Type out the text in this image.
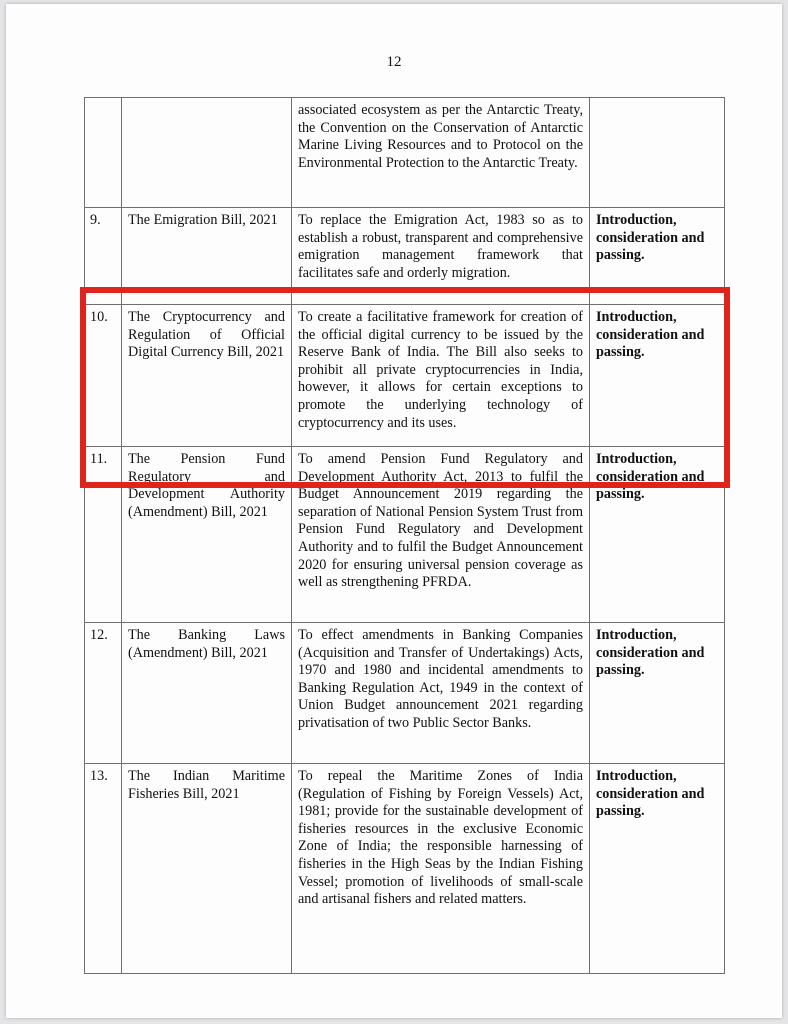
12
		associated ecosystem as per the Antarctic Treaty, the Convention on the Conservation of Antarctic Marine Living Resources and to Protocol on the Environmental Protection to the Antarctic Treaty.	
9.	The Emigration Bill, 2021	To replace the Emigration Act, 1983 so as to establish a robust, transparent and comprehensive emigration management framework that facilitates safe and orderly migration.	Introduction, consideration and passing.

10.	The Cryptocurrency and Regulation of Official Digital Currency Bill, 2021	To create a facilitative framework for creation of the official digital currency to be issued by the Reserve Bank of India. The Bill also seeks to prohibit all private cryptocurrencies in India, however, it allows for certain exceptions to promote the underlying technology of cryptocurrency and its uses.	Introduction, consideration and passing.
11.	The Pension Fund Regulatory and Development Authority (Amendment) Bill, 2021	To amend Pension Fund Regulatory and Development Authority Act, 2013 to fulfil the Budget Announcement 2019 regarding the separation of National Pension System Trust from Pension Fund Regulatory and Development Authority and to fulfil the Budget Announcement 2020 for ensuring universal pension coverage as well as strengthening PFRDA.	Introduction, consideration and passing.
12.	The Banking Laws (Amendment) Bill, 2021	To effect amendments in Banking Companies (Acquisition and Transfer of Undertakings) Acts, 1970 and 1980 and incidental amendments to Banking Regulation Act, 1949 in the context of Union Budget announcement 2021 regarding privatisation of two Public Sector Banks.	Introduction, consideration and passing.
13.	The Indian Maritime Fisheries Bill, 2021	To repeal the Maritime Zones of India (Regulation of Fishing by Foreign Vessels) Act, 1981; provide for the sustainable development of fisheries resources in the exclusive Economic Zone of India; the responsible harnessing of fisheries in the High Seas by the Indian Fishing Vessel; promotion of livelihoods of small-scale and artisanal fishers and related matters.	Introduction, consideration and passing.
